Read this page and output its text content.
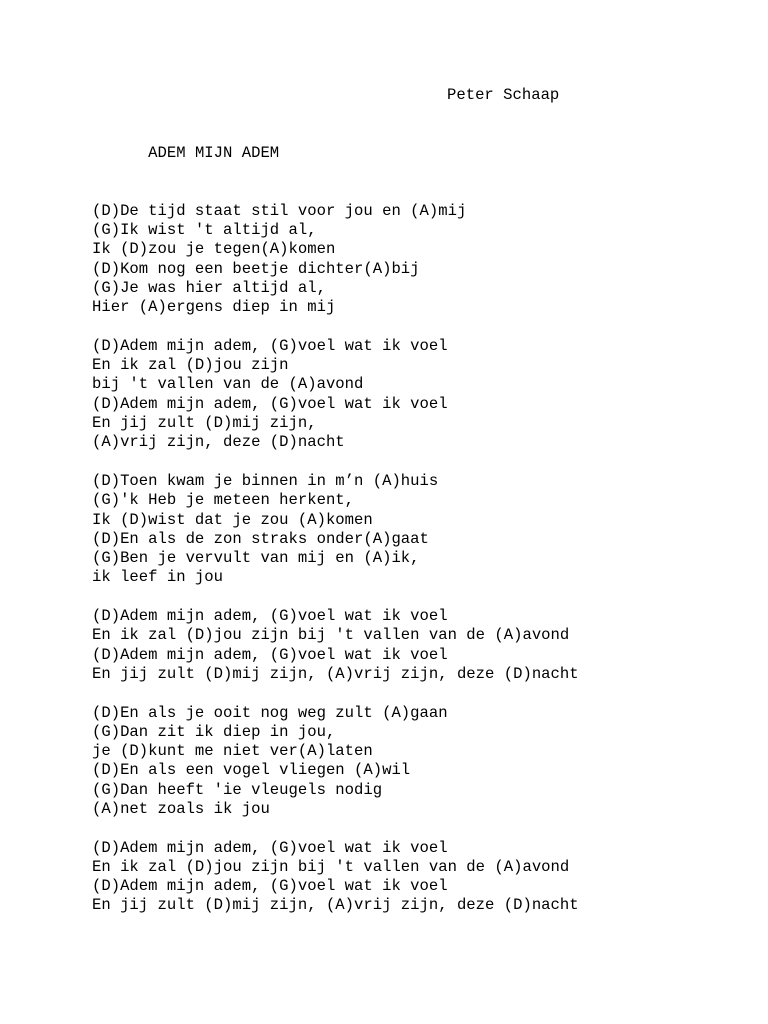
ADEM MIJN ADEM

Peter Schaap

(D)De tijd staat stil voor jou en (A)mij
(G)Ik wist 't altijd al,
Ik (D)zou je tegen(A)komen
(D)Kom nog een beetje dichter(A)bij
(G)Je was hier altijd al,
Hier (A)ergens diep in mij
(D)Adem mijn adem, (G)voel wat ik voel
En ik zal (D)jou zijn
bij 't vallen van de (A)avond
(D)Adem mijn adem, (G)voel wat ik voel
En jij zult (D)mij zijn,
(A)vrij zijn, deze (D)nacht
(D)Toen kwam je binnen in m’n (A)huis
(G)'k Heb je meteen herkent,
Ik (D)wist dat je zou (A)komen
(D)En als de zon straks onder(A)gaat
(G)Ben je vervult van mij en (A)ik,
ik leef in jou
(D)Adem mijn adem, (G)voel wat ik voel
En ik zal (D)jou zijn bij 't vallen van de (A)avond
(D)Adem mijn adem, (G)voel wat ik voel
En jij zult (D)mij zijn, (A)vrij zijn, deze (D)nacht
(D)En als je ooit nog weg zult (A)gaan
(G)Dan zit ik diep in jou,
je (D)kunt me niet ver(A)laten
(D)En als een vogel vliegen (A)wil
(G)Dan heeft 'ie vleugels nodig
(A)net zoals ik jou
(D)Adem mijn adem, (G)voel wat ik voel
En ik zal (D)jou zijn bij 't vallen van de (A)avond
(D)Adem mijn adem, (G)voel wat ik voel
En jij zult (D)mij zijn, (A)vrij zijn, deze (D)nacht
